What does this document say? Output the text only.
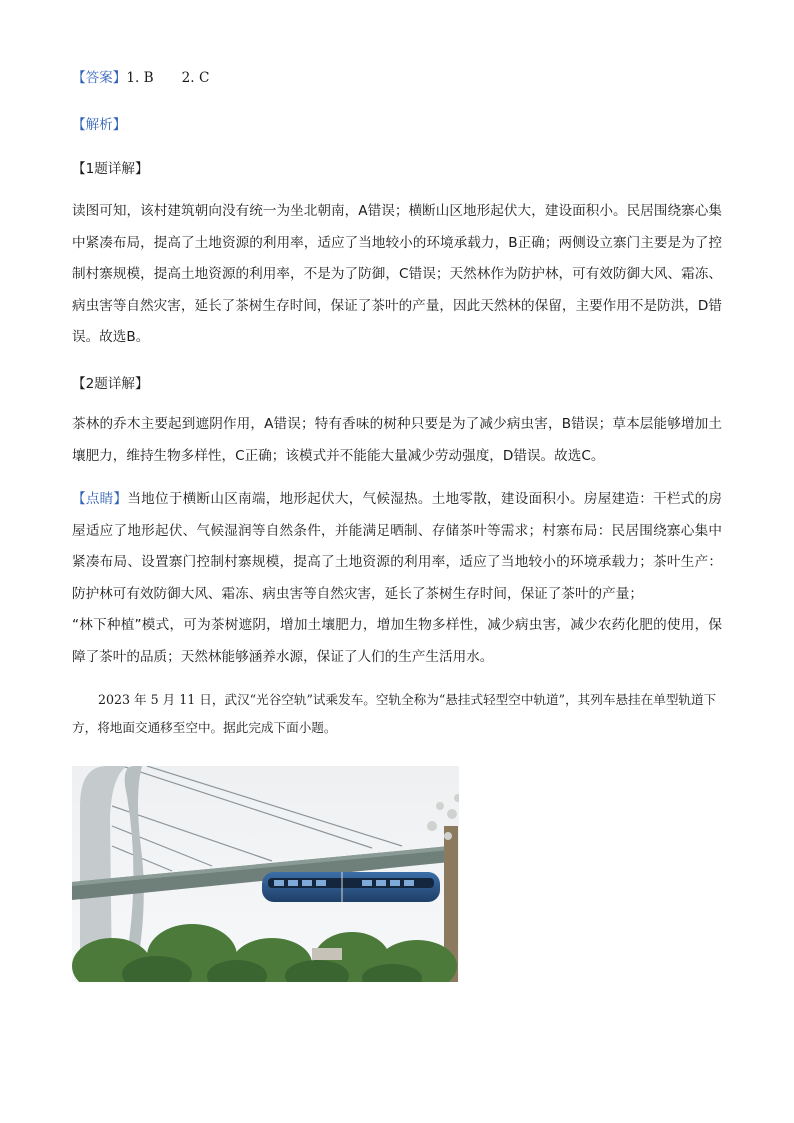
【答案】1. B 2. C
【解析】
【1题详解】
读图可知，该村建筑朝向没有统一为坐北朝南，A错误；横断山区地形起伏大，建设面积小。民居围绕寨心集中紧凑布局，提高了土地资源的利用率，适应了当地较小的环境承载力，B正确；两侧设立寨门主要是为了控制村寨规模，提高土地资源的利用率，不是为了防御，C错误；天然林作为防护林，可有效防御大风、霜冻、病虫害等自然灾害，延长了茶树生存时间，保证了茶叶的产量，因此天然林的保留，主要作用不是防洪，D错误。故选B。
【2题详解】
茶林的乔木主要起到遮阴作用，A错误；特有香味的树种只要是为了减少病虫害，B错误；草本层能够增加土壤肥力，维持生物多样性，C正确；该模式并不能能大量减少劳动强度，D错误。故选C。
【点睛】当地位于横断山区南端，地形起伏大，气候湿热。土地零散，建设面积小。房屋建造：干栏式的房屋适应了地形起伏、气候湿润等自然条件，并能满足晒制、存储茶叶等需求；村寨布局：民居围绕寨心集中紧凑布局、设置寨门控制村寨规模，提高了土地资源的利用率，适应了当地较小的环境承载力；茶叶生产：防护林可有效防御大风、霜冻、病虫害等自然灾害，延长了茶树生存时间，保证了茶叶的产量；
“林下种植”模式，可为茶树遮阴，增加土壤肥力，增加生物多样性，减少病虫害，减少农药化肥的使用，保障了茶叶的品质；天然林能够涵养水源，保证了人们的生产生活用水。
2023 年 5 月 11 日，武汉“光谷空轨”试乘发车。空轨全称为“悬挂式轻型空中轨道”，其列车悬挂在单型轨道下方，将地面交通移至空中。据此完成下面小题。
